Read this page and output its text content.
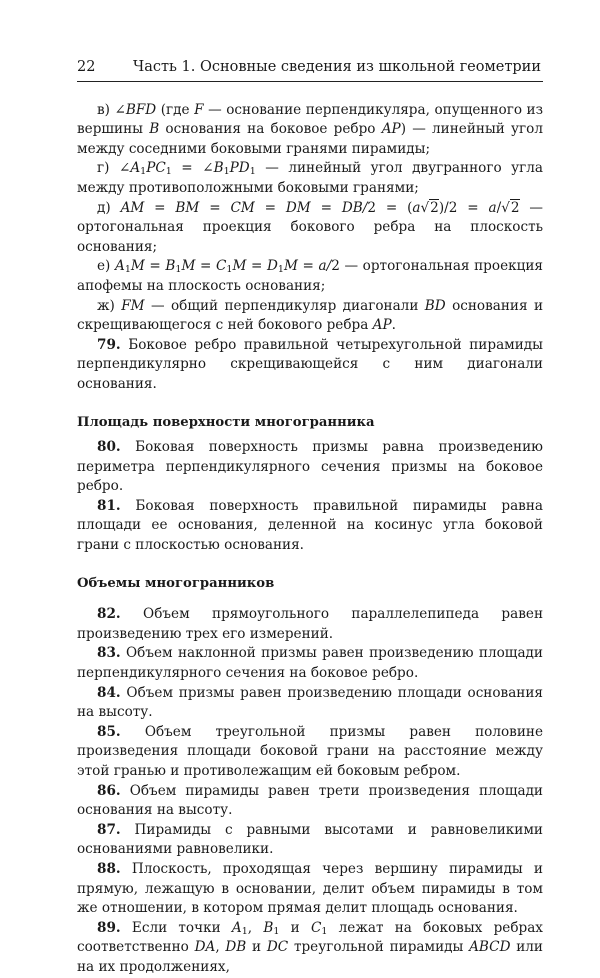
22	Часть 1. Основные сведения из школьной геометрии

в) ∠BFD (где F — основание перпендикуляра, опущенного из вершины B основания на боковое ребро AP) — линейный угол между соседними боковыми гранями пирамиды;

г) $\angle A_1PC_1$ = $\angle B_1PD_1$ — линейный угол двугранного угла между противоположными боковыми гранями;

д) AM = BM = CM = DM = DB/2 = (a√2)/2 = a/√2 — ортогональная проекция бокового ребра на плоскость основания;

е) $A_1M = B_1M = C_1M = D_1M = a/2$ — ортогональная проекция апофемы на плоскость основания;

ж) FM — общий перпендикуляр диагонали BD основания и скрещивающегося с ней бокового ребра AP.

79. Боковое ребро правильной четырехугольной пирамиды перпендикулярно скрещивающейся с ним диагонали основания.

Площадь поверхности многогранника

80. Боковая поверхность призмы равна произведению периметра перпендикулярного сечения призмы на боковое ребро.

81. Боковая поверхность правильной пирамиды равна площади ее основания, деленной на косинус угла боковой грани с плоскостью основания.

Объемы многогранников

82. Объем прямоугольного параллелепипеда равен произведению трех его измерений.

83. Объем наклонной призмы равен произведению площади перпендикулярного сечения на боковое ребро.

84. Объем призмы равен произведению площади основания на высоту.

85. Объем треугольной призмы равен половине произведения площади боковой грани на расстояние между этой гранью и противолежащим ей боковым ребром.

86. Объем пирамиды равен трети произведения площади основания на высоту.

87. Пирамиды с равными высотами и равновеликими основаниями равновелики.

88. Плоскость, проходящая через вершину пирамиды и прямую, лежащую в основании, делит объем пирамиды в том же отношении, в котором прямая делит площадь основания.

89. Если точки $A_1$, $B_1$ и $C_1$ лежат на боковых ребрах соответственно DA, DB и DC треугольной пирамиды ABCD или на их продолжениях,
